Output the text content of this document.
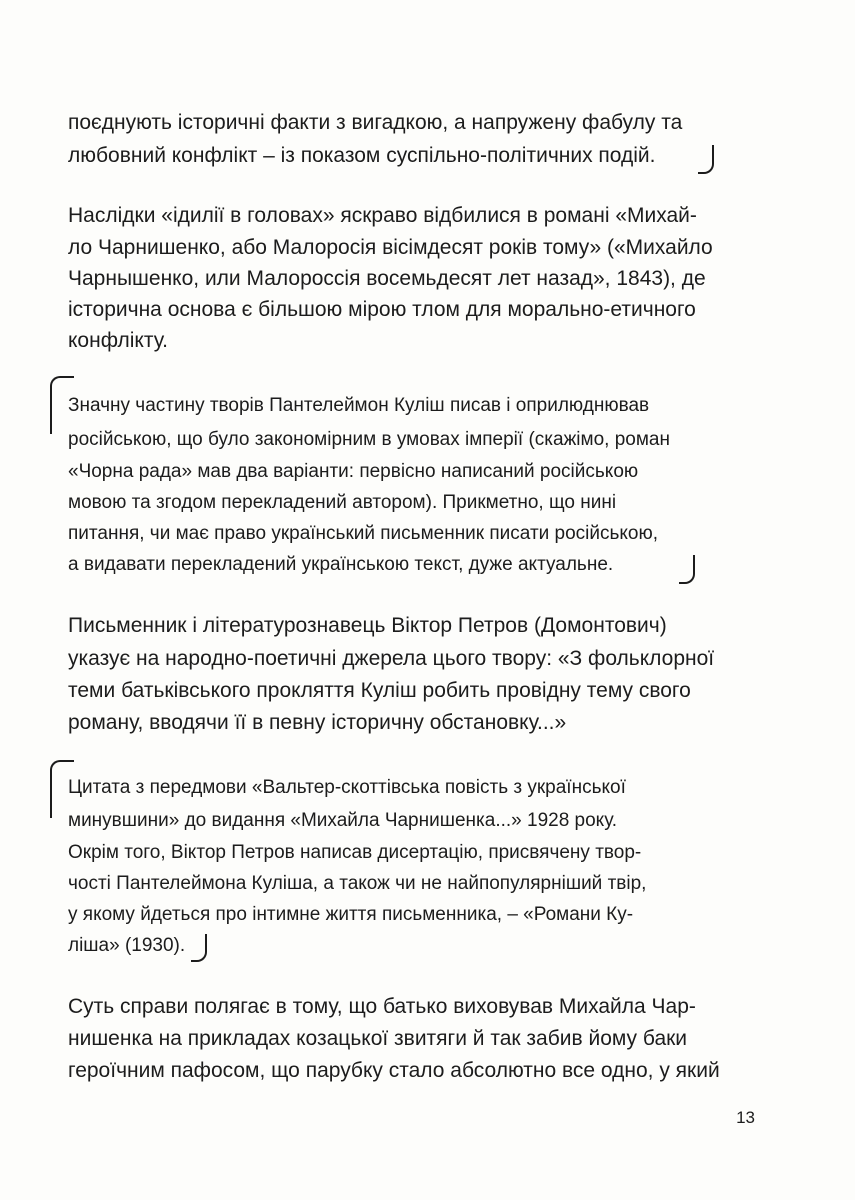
поєднують історичні факти з вигадкою, а напружену фабулу та
любовний конфлікт – із показом суспільно-політичних подій.
Наслідки «ідилії в головах» яскраво відбилися в романі «Михай-
ло Чарнишенко, або Малоросія вісімдесят років тому» («Михайло
Чарнышенко, или Малороссія восемьдесят лет назад», 1843), де
історична основа є більшою мірою тлом для морально-етичного
конфлікту.
Значну частину творів Пантелеймон Куліш писав і оприлюднював
російською, що було закономірним в умовах імперії (скажімо, роман
«Чорна рада» мав два варіанти: первісно написаний російською
мовою та згодом перекладений автором). Прикметно, що нині
питання, чи має право український письменник писати російською,
а видавати перекладений українською текст, дуже актуальне.
Письменник і літературознавець Віктор Петров (Домонтович)
указує на народно-поетичні джерела цього твору: «З фольклорної
теми батьківського прокляття Куліш робить провідну тему свого
роману, вводячи її в певну історичну обстановку...»
Цитата з передмови «Вальтер-скоттівська повість з української
минувшини» до видання «Михайла Чарнишенка...» 1928 року.
Окрім того, Віктор Петров написав дисертацію, присвячену твор-
чості Пантелеймона Куліша, а також чи не найпопулярніший твір,
у якому йдеться про інтимне життя письменника, – «Романи Ку-
ліша» (1930).
Суть справи полягає в тому, що батько виховував Михайла Чар-
нишенка на прикладах козацької звитяги й так забив йому баки
героїчним пафосом, що парубку стало абсолютно все одно, у який
13
